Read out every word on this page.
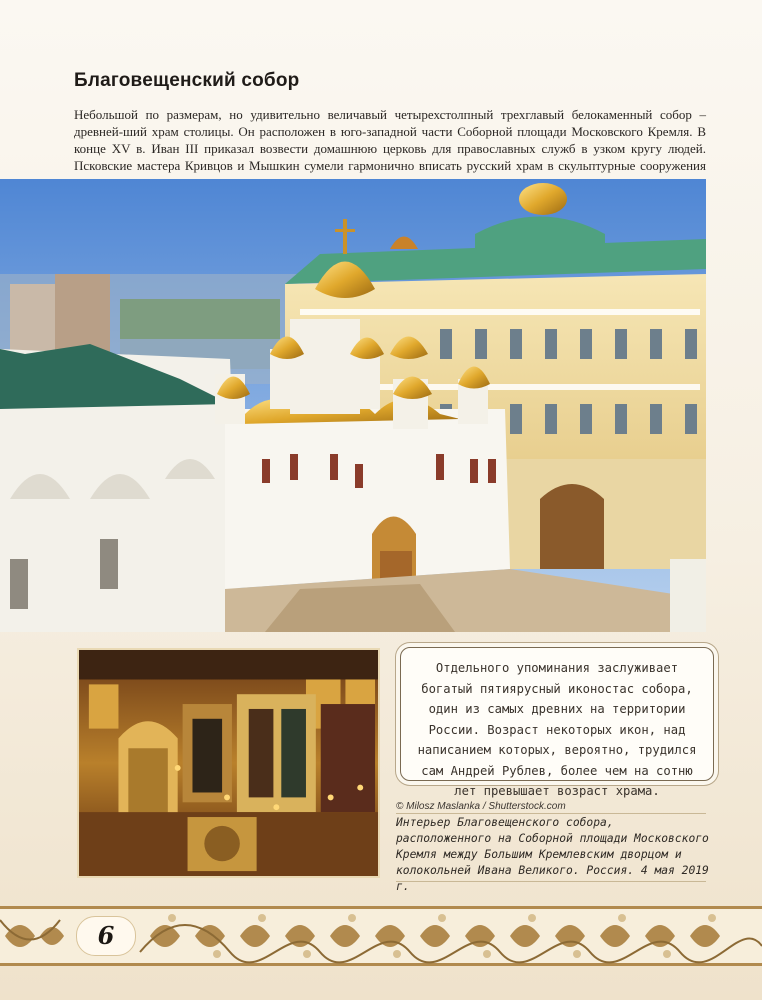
Благовещенский собор
Небольшой по размерам, но удивительно величавый четырехстолпный трехглавый белокаменный собор – древней-ший храм столицы. Он расположен в юго-западной части Соборной площади Московского Кремля. В конце XV в. Иван III приказал возвести домашнюю церковь для православных служб в узком кругу людей. Псковские мастера Кривцов и Мышкин сумели гармонично вписать русский храм в скульптурные сооружения
Отдельного упоминания заслуживает богатый пятиярусный иконостас собора, один из самых древних на территории России. Возраст некоторых икон, над написанием которых, вероятно, трудился сам Андрей Рублев, более чем на сотню лет превышает возраст храма.
© Milosz Maslanka / Shutterstock.com
Интерьер Благовещенского собора, расположенного на Соборной площади Московского Кремля между Большим Кремлевским дворцом и колокольней Ивана Великого. Россия. 4 мая 2019 г.
6
